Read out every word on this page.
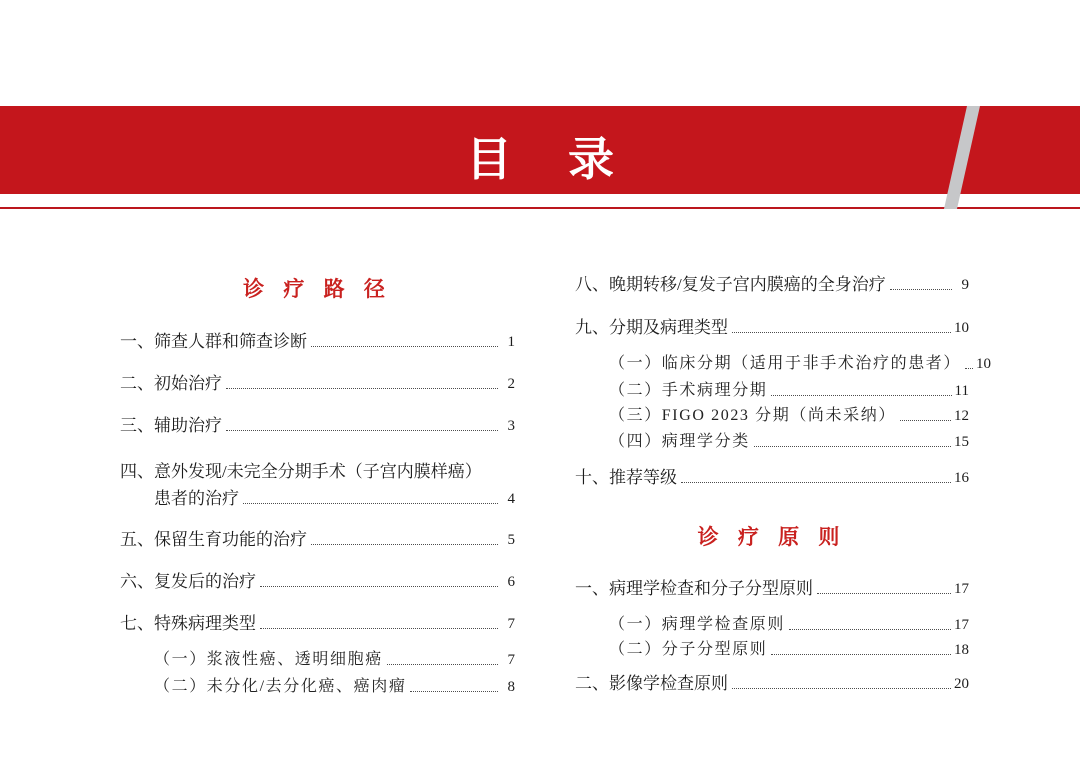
目 录
诊 疗 路 径
一、筛查人群和筛查诊断	1
二、初始治疗	2
三、辅助治疗	3
四、意外发现/未完全分期手术（子宫内膜样癌）
患者的治疗	4
五、保留生育功能的治疗	5
六、复发后的治疗	6
七、特殊病理类型	7
（一）浆液性癌、透明细胞癌	7
（二）未分化/去分化癌、癌肉瘤	8
八、晚期转移/复发子宫内膜癌的全身治疗	9
九、分期及病理类型	10
（一）临床分期（适用于非手术治疗的患者） 10
（二）手术病理分期	11
（三）FIGO 2023 分期（尚未采纳）	12
（四）病理学分类	15
十、推荐等级	16
诊 疗 原 则
一、病理学检查和分子分型原则	17
（一）病理学检查原则	17
（二）分子分型原则	18
二、影像学检查原则	20
